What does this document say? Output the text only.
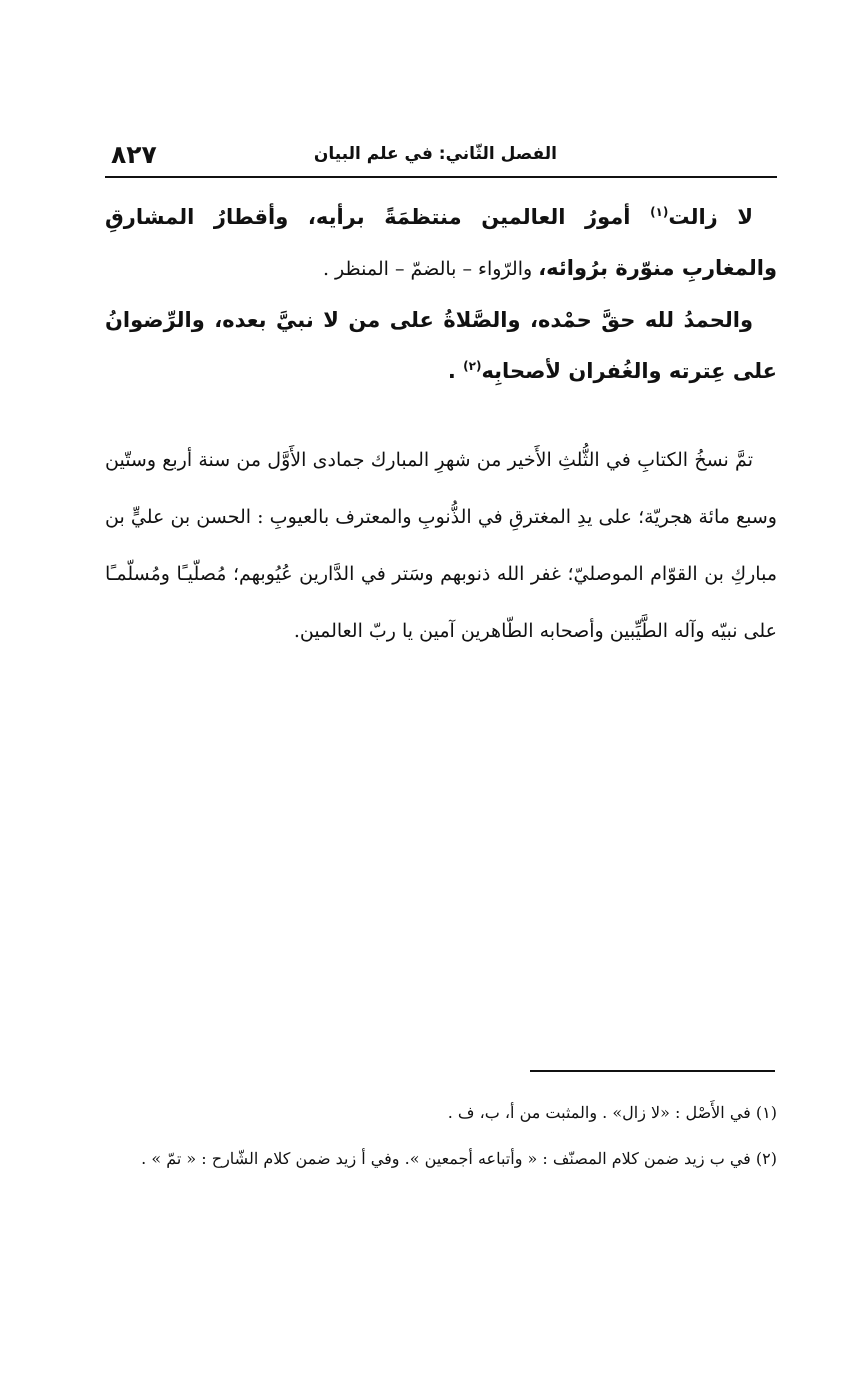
٨٢٧	الفصل الثّاني: في علم البيان

لا زالت$^{(١)}$ أمورُ العالمين منتظمَةً برأيه، وأقطارُ المشارقِ والمغاربِ منوّرة برُوائه، والرّواء – بالضمّ – المنظر .

والحمدُ لله حقَّ حمْده، والصَّلاةُ على من لا نبيَّ بعده، والرِّضوانُ على عِترته والغُفران لأصحابِه$^{(٢)}$ .

تمَّ نسخُ الكتابِ في الثُّلثِ الأَخير من شهرِ المبارك جمادى الأَوَّل من سنة أربع وستّين وسبع مائة هجريّة؛ على يدِ المغترقِ في الذُّنوبِ والمعترف بالعيوبِ : الحسن بن عليٍّ بن مباركِ بن القوّام الموصليّ؛ غفر الله ذنوبهم وسَتر في الدَّارين عُيُوبهم؛ مُصلّيـًا ومُسلّمـًا على نبيّه وآله الطَّيِّبين وأصحابه الطّاهرين آمين يا ربّ العالمين.

(١) في الأَصْل : «لا زال» . والمثبت من أ، ب، ف .

(٢) في ب زيد ضمن كلام المصنّف : « وأتباعه أجمعين ». وفي أ زيد ضمن كلام الشّارح : « تمّ » .
